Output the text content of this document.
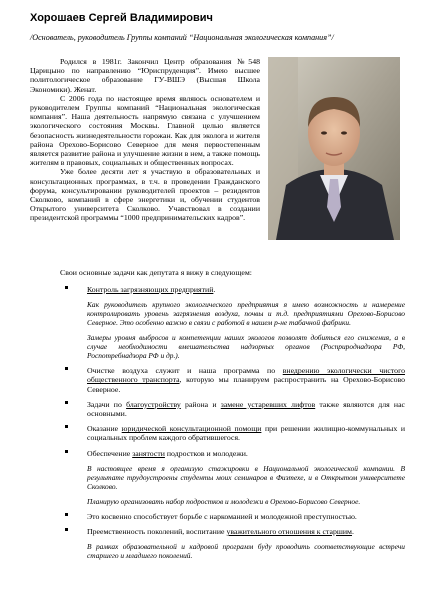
Хорошаев Сергей Владимирович
/Основатель, руководитель Группы компаний “Национальная экологическая компания”/

Родился в 1981г. Закончил Центр образования №548 Царицыно по направлению “Юриспруденция”. Имею высшее политологическое образование ГУ-ВШЭ (Высшая Школа Экономики). Женат.

С 2006 года по настоящее время являюсь основателем и руководителем Группы компаний “Национальная экологическая компания”. Наша деятельность напрямую связана с улучшением экологического состояния Москвы. Главной целью является безопасность жизнедеятельности горожан. Как для эколога и жителя района Орехово-Борисово Северное для меня первостепенным является развитие района и улучшение жизни в нем, а также помощь жителям в правовых, социальных и общественных вопросах.

Уже более десяти лет я участвую в образовательных и консультационных программах, в т.ч. в проведении Гражданского форума, консультировании руководителей проектов – резидентов Сколково, компаний в сфере энергетики и, обучении студентов Открытого университета Сколково. Учавствовал в создании президентской программы “1000 предпринимательских кадров”.

Свои основные задачи как депутата я вижу в следующем:
Контроль загрязняющих предприятий.

Как руководитель крупного экологического предприятия я имею возможность и намерение контролировать уровень загрязнения воздуха, почвы и т.д. предприятиями Орехово-Борисово Северное. Это особенно важно в связи с работой в нашем р-не табачной фабрики.

Замеры уровня выбросов и компетенции наших экологов позволят добиться его снижения, а в случае необходимости вмешательства надзорных органов (Росприроднадзора РФ, Роспотребнадзора РФ и др.).

Очистке воздуха служит и наша программа по внедрению экологически чистого общественного транспорта, которую мы планируем распространить на Орехово-Борисово Северное.
Задачи по благоустройству района и замене устаревших лифтов также являются для нас основными.
Оказание юридической консультационной помощи при решении жилищно-коммунальных и социальных проблем каждого обратившегося.
Обеспечение занятости подростков и молодежи.

В настоящее время я организую стажировки в Национальной экологической компании. В результате трудоустроены студенты моих семинаров в Физтехе, и в Открытом университете Сколково.

Планирую организовать набор подростков и молодежи в Орехово-Борисово Северное.

Это косвенно способствует борьбе с наркоманией и молодежной преступностью.
Преемственность поколений, воспитание уважительного отношения к старшим.

В рамках образовательной и кадровой программ буду проводить соответствующие встречи старшего и младшего поколений.
